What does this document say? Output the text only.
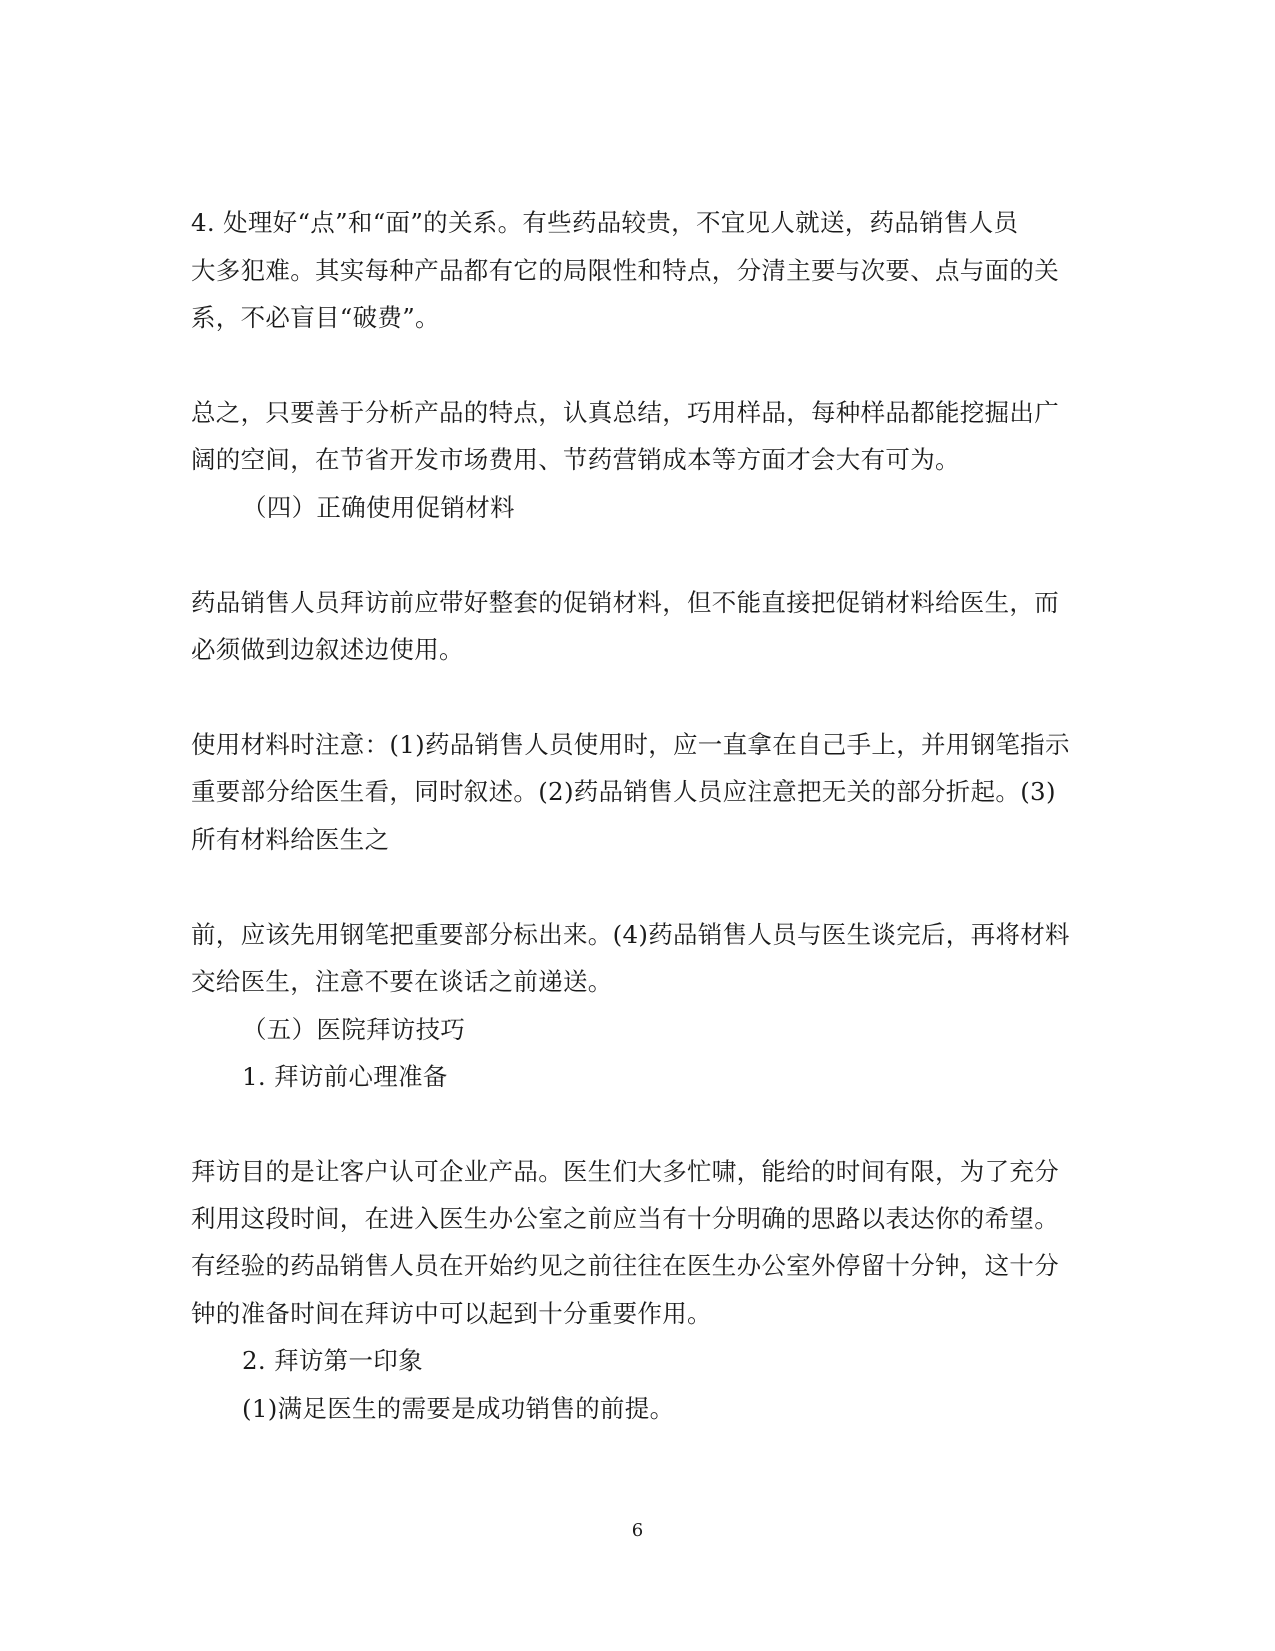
4. 处理好“点”和“面”的关系。有些药品较贵，不宜见人就送，药品销售人员
大多犯难。其实每种产品都有它的局限性和特点，分清主要与次要、点与面的关
系，不必盲目“破费”。
总之，只要善于分析产品的特点，认真总结，巧用样品，每种样品都能挖掘出广
阔的空间，在节省开发市场费用、节药营销成本等方面才会大有可为。
（四）正确使用促销材料
药品销售人员拜访前应带好整套的促销材料，但不能直接把促销材料给医生，而
必须做到边叙述边使用。
使用材料时注意：(1)药品销售人员使用时，应一直拿在自己手上，并用钢笔指示
重要部分给医生看，同时叙述。(2)药品销售人员应注意把无关的部分折起。(3)
所有材料给医生之
前，应该先用钢笔把重要部分标出来。(4)药品销售人员与医生谈完后，再将材料
交给医生，注意不要在谈话之前递送。
（五）医院拜访技巧
1. 拜访前心理准备
拜访目的是让客户认可企业产品。医生们大多忙啸，能给的时间有限，为了充分
利用这段时间，在进入医生办公室之前应当有十分明确的思路以表达你的希望。
有经验的药品销售人员在开始约见之前往往在医生办公室外停留十分钟，这十分
钟的准备时间在拜访中可以起到十分重要作用。
2. 拜访第一印象
(1)满足医生的需要是成功销售的前提。
6
